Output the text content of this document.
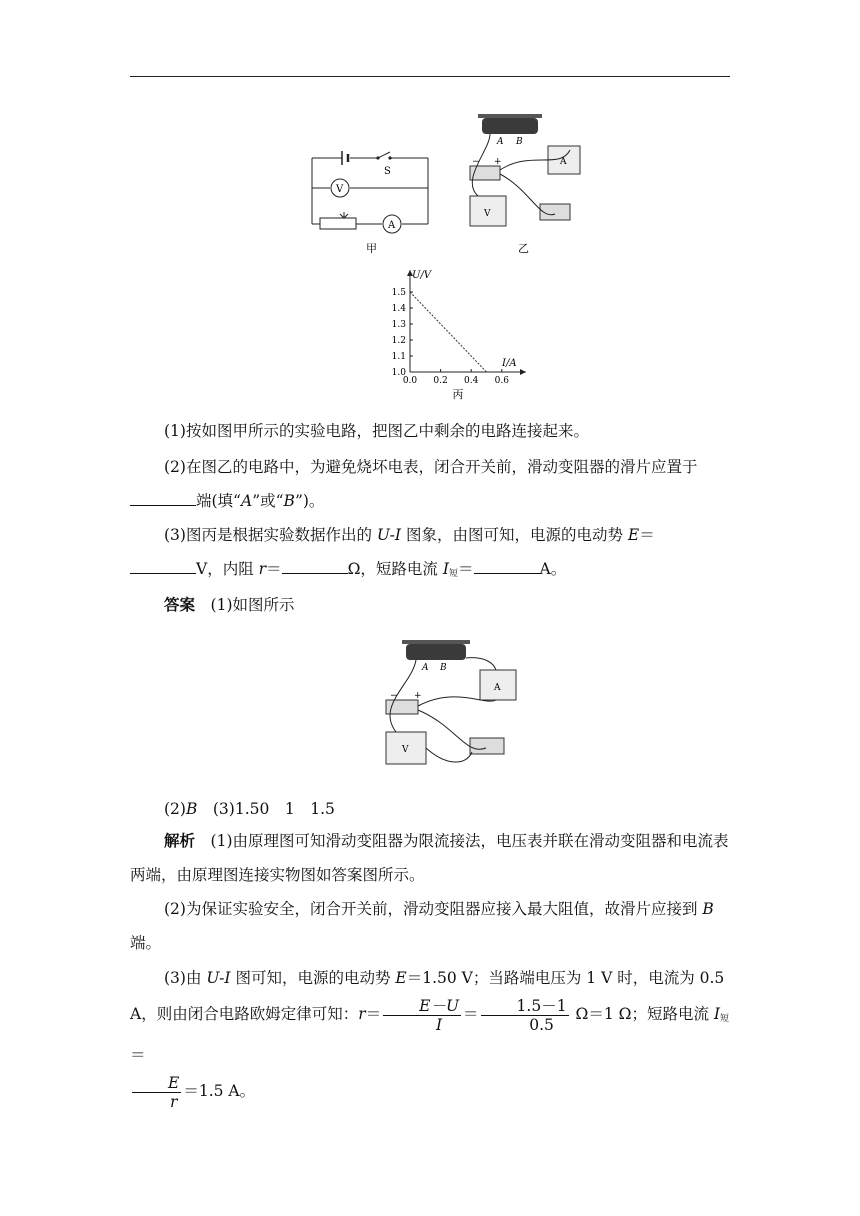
S
V
A
甲
A B
− +	A
V
乙
1.0
1.1
1.2
1.3
1.4
1.5
0.0 0.2 0.4 0.6
U/V
I/A
丙
(1)按如图甲所示的实验电路，把图乙中剩余的电路连接起来。
(2)在图乙的电路中，为避免烧坏电表，闭合开关前，滑动变阻器的滑片应置于端(填“A”或“B”)。
(3)图丙是根据实验数据作出的 U-I 图象，由图可知，电源的电动势 E＝
V，内阻 r＝	Ω，短路电流 $I_短=$	A。
答案　 (1)如图所示
A B
− +
A
V
(2)B　 (3)1.50　1　1.5
解析　 (1)由原理图可知滑动变阻器为限流接法，电压表并联在滑动变阻器和电流表两端，由原理图连接实物图如答案图所示。
(2)为保证实验安全，闭合开关前，滑动变阻器应接入最大阻值，故滑片应接到 B 端。
(3)由 U-I 图可知，电源的电动势 E＝1.50 V；当路端电压为 1 V 时，电流为 0.5 A，则由闭合电路欧姆定律可知：$r= \frac{E-U}{I} = \frac{1.5-1}{0.5} \Omega=1$ Ω；短路电流 $I_短=$

$\frac{E}{r} =1.5$ A。
